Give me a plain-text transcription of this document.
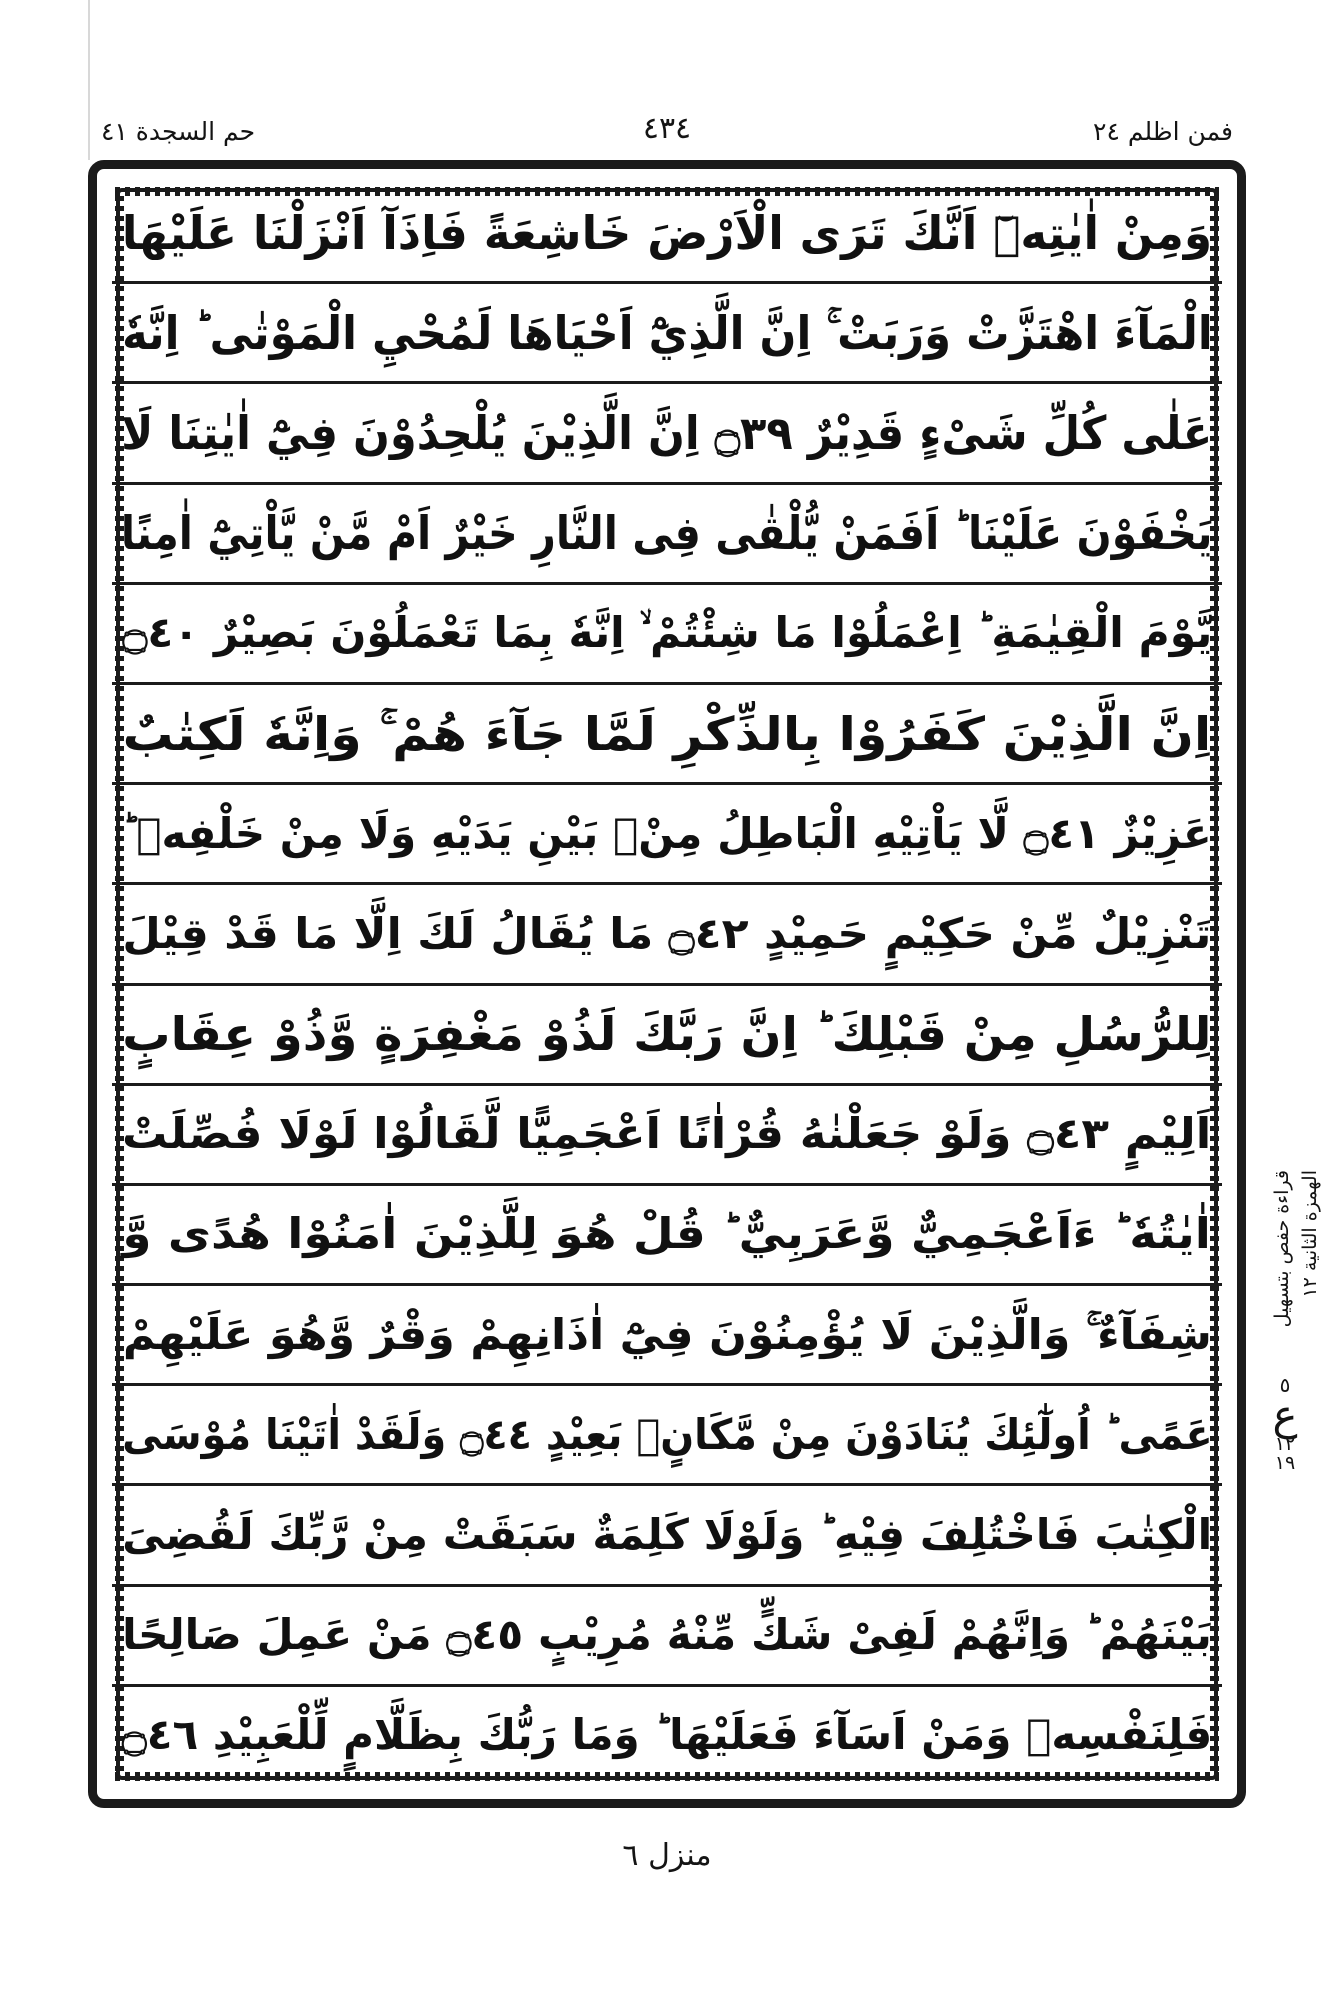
فمن اظلم ٢٤
٤٣٤
حم السجدة ٤١
وَمِنْ اٰيٰتِهٖٓ اَنَّكَ تَرَى الْاَرْضَ خَاشِعَةً فَاِذَآ اَنْزَلْنَا عَلَيْهَا
الْمَآءَ اهْتَزَّتْ وَرَبَتْ ۚ اِنَّ الَّذِيْٓ اَحْيَاهَا لَمُحْيِ الْمَوْتٰى ؕ اِنَّهٗ
عَلٰى كُلِّ شَىْءٍ قَدِيْرٌ ۝٣٩ اِنَّ الَّذِيْنَ يُلْحِدُوْنَ فِيْٓ اٰيٰتِنَا لَا
يَخْفَوْنَ عَلَيْنَا ؕ اَفَمَنْ يُّلْقٰى فِى النَّارِ خَيْرٌ اَمْ مَّنْ يَّاْتِيْٓ اٰمِنًا
يَّوْمَ الْقِيٰمَةِ ؕ اِعْمَلُوْا مَا شِئْتُمْ ۙ اِنَّهٗ بِمَا تَعْمَلُوْنَ بَصِيْرٌ ۝٤٠
اِنَّ الَّذِيْنَ كَفَرُوْا بِالذِّكْرِ لَمَّا جَآءَ هُمْ ۚ وَاِنَّهٗ لَكِتٰبٌ
عَزِيْزٌ ۝٤١ لَّا يَاْتِيْهِ الْبَاطِلُ مِنْۢ بَيْنِ يَدَيْهِ وَلَا مِنْ خَلْفِهٖ ؕ
تَنْزِيْلٌ مِّنْ حَكِيْمٍ حَمِيْدٍ ۝٤٢ مَا يُقَالُ لَكَ اِلَّا مَا قَدْ قِيْلَ
لِلرُّسُلِ مِنْ قَبْلِكَ ؕ اِنَّ رَبَّكَ لَذُوْ مَغْفِرَةٍ وَّذُوْ عِقَابٍ
اَلِيْمٍ ۝٤٣ وَلَوْ جَعَلْنٰهُ قُرْاٰنًا اَعْجَمِيًّا لَّقَالُوْا لَوْلَا فُصِّلَتْ
اٰيٰتُهٗ ؕ ءَاَعْجَمِيٌّ وَّعَرَبِيٌّ ؕ قُلْ هُوَ لِلَّذِيْنَ اٰمَنُوْا هُدًى وَّ
شِفَآءٌ ۚ وَالَّذِيْنَ لَا يُؤْمِنُوْنَ فِيْٓ اٰذَانِهِمْ وَقْرٌ وَّهُوَ عَلَيْهِمْ
عَمًى ؕ اُولٰٓئِكَ يُنَادَوْنَ مِنْ مَّكَانٍۭ بَعِيْدٍ ۝٤٤ وَلَقَدْ اٰتَيْنَا مُوْسَى
الْكِتٰبَ فَاخْتُلِفَ فِيْهِ ؕ وَلَوْلَا كَلِمَةٌ سَبَقَتْ مِنْ رَّبِّكَ لَقُضِىَ
بَيْنَهُمْ ؕ وَاِنَّهُمْ لَفِىْ شَكٍّ مِّنْهُ مُرِيْبٍ ۝٤٥ مَنْ عَمِلَ صَالِحًا
فَلِنَفْسِهٖ وَمَنْ اَسَآءَ فَعَلَيْهَا ؕ وَمَا رَبُّكَ بِظَلَّامٍ لِّلْعَبِيْدِ ۝٤٦
قراءة حفص بتسهيل الهمزة الثانية ١٢
٥
ع
١٢
١٩
منزل ٦
